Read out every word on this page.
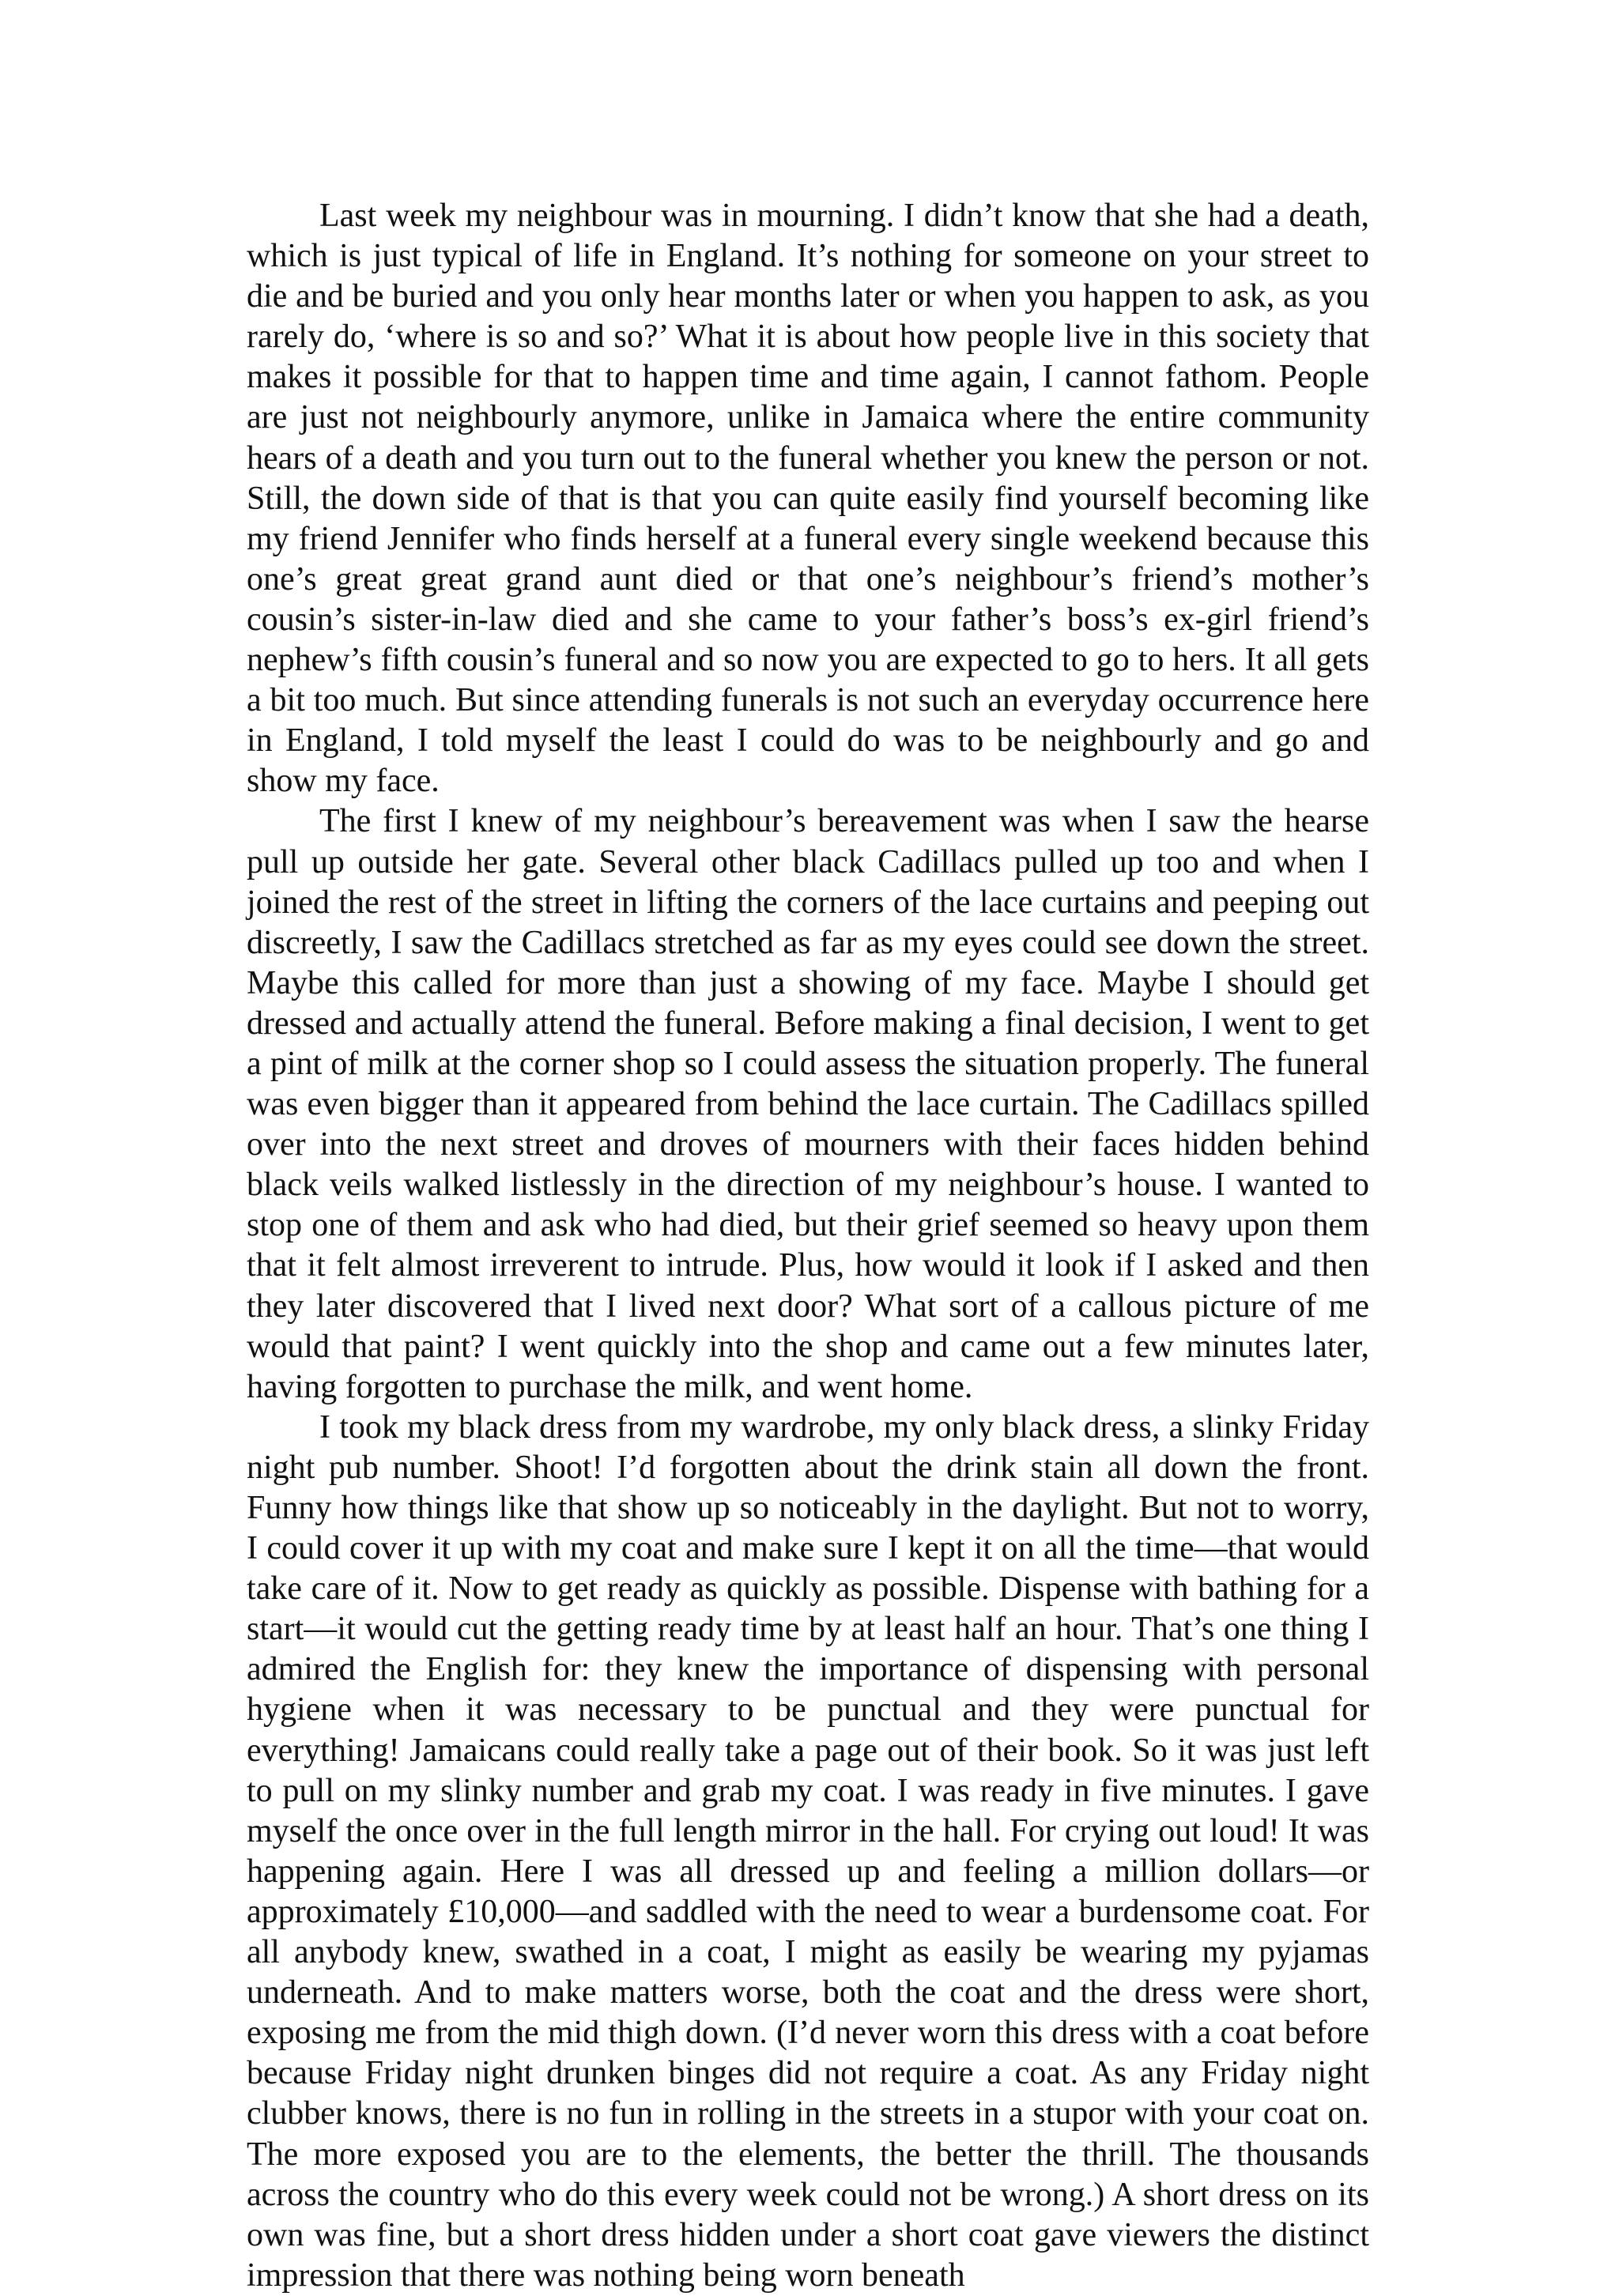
Last week my neighbour was in mourning. I didn’t know that she had a death, which is just typical of life in England. It’s nothing for someone on your street to die and be buried and you only hear months later or when you happen to ask, as you rarely do, ‘where is so and so?’ What it is about how people live in this society that makes it possible for that to happen time and time again, I cannot fathom. People are just not neighbourly anymore, unlike in Jamaica where the entire community hears of a death and you turn out to the funeral whether you knew the person or not. Still, the down side of that is that you can quite easily find yourself becoming like my friend Jennifer who finds herself at a funeral every single weekend because this one’s great great grand aunt died or that one’s neighbour’s friend’s mother’s cousin’s sister-in-law died and she came to your father’s boss’s ex-girl friend’s nephew’s fifth cousin’s funeral and so now you are expected to go to hers. It all gets a bit too much. But since attending funerals is not such an everyday occurrence here in England, I told myself the least I could do was to be neighbourly and go and show my face.

The first I knew of my neighbour’s bereavement was when I saw the hearse pull up outside her gate. Several other black Cadillacs pulled up too and when I joined the rest of the street in lifting the corners of the lace curtains and peeping out discreetly, I saw the Cadillacs stretched as far as my eyes could see down the street. Maybe this called for more than just a showing of my face. Maybe I should get dressed and actually attend the funeral. Before making a final decision, I went to get a pint of milk at the corner shop so I could assess the situation properly. The funeral was even bigger than it appeared from behind the lace curtain. The Cadillacs spilled over into the next street and droves of mourners with their faces hidden behind black veils walked listlessly in the direction of my neighbour’s house. I wanted to stop one of them and ask who had died, but their grief seemed so heavy upon them that it felt almost irreverent to intrude. Plus, how would it look if I asked and then they later discovered that I lived next door? What sort of a callous picture of me would that paint? I went quickly into the shop and came out a few minutes later, having forgotten to purchase the milk, and went home.

I took my black dress from my wardrobe, my only black dress, a slinky Friday night pub number. Shoot! I’d forgotten about the drink stain all down the front. Funny how things like that show up so noticeably in the daylight. But not to worry, I could cover it up with my coat and make sure I kept it on all the time—that would take care of it. Now to get ready as quickly as possible. Dispense with bathing for a start—it would cut the getting ready time by at least half an hour. That’s one thing I admired the English for: they knew the importance of dispensing with personal hygiene when it was necessary to be punctual and they were punctual for everything! Jamaicans could really take a page out of their book. So it was just left to pull on my slinky number and grab my coat. I was ready in five minutes. I gave myself the once over in the full length mirror in the hall. For crying out loud! It was happening again. Here I was all dressed up and feeling a million dollars—or approximately £10,000—and saddled with the need to wear a burdensome coat. For all anybody knew, swathed in a coat, I might as easily be wearing my pyjamas underneath. And to make matters worse, both the coat and the dress were short, exposing me from the mid thigh down. (I’d never worn this dress with a coat before because Friday night drunken binges did not require a coat. As any Friday night clubber knows, there is no fun in rolling in the streets in a stupor with your coat on. The more exposed you are to the elements, the better the thrill. The thousands across the country who do this every week could not be wrong.) A short dress on its own was fine, but a short dress hidden under a short coat gave viewers the distinct impression that there was nothing being worn beneath
